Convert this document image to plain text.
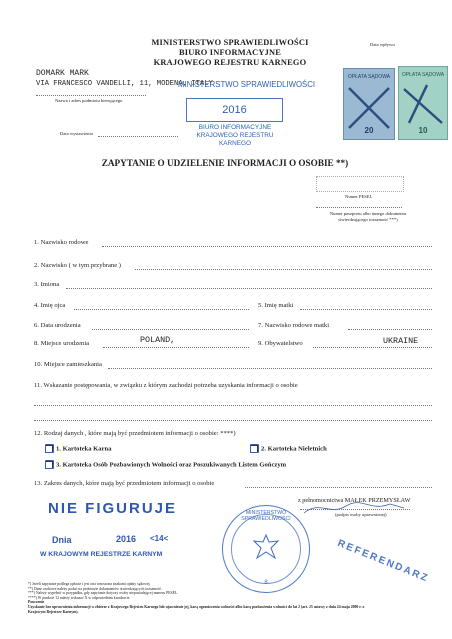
MINISTERSTWO SPRAWIEDLIWOŚCI
BIURO INFORMACYJNE
KRAJOWEGO REJESTRU KARNEGO
Data wpływu
DOMARK MARK
VIA FRANCESCO VANDELLI, 11, MODENA, ITALY
Nazwa i adres podmiotu kierującego
Data wystawienia
MINISTERSTWO SPRAWIEDLIWOŚCI
2016
BIURO INFORMACYJNE
KRAJOWEGO REJESTRU KARNEGO
OPŁATA SĄDOWA
20
OPŁATA SĄDOWA
10
ZAPYTANIE O UDZIELENIE INFORMACJI O OSOBIE **)
Numer PESEL
Numer paszportu albo innego dokumentu
stwierdzającego tożsamość ***)
1. Nazwisko rodowe
2. Nazwisko ( w tym przybrane )
3. Imiona
4. Imię ojca	5. Imię matki
6. Data urodzenia	7. Nazwisko rodowe matki
8. Miejsce urodzenia	POLAND,	9. Obywatelstwo	UKRAINE
10. Miejsce zamieszkania
11. Wskazanie postępowania, w związku z którym zachodzi potrzeba uzyskania informacji o osobie
12. Rodzaj danych , które mają być przedmiotem informacji o osobie: ****)
1. Kartoteka Karna	2. Kartoteka Nieletnich
3. Kartoteka Osób Pozbawionych Wolności oraz Poszukiwanych Listem Gończym
13. Zakres danych, które mają być przedmiotem informacji o osobie
NIE FIGURUJE
Dnia	2016 <14<
W KRAJOWYM REJESTRZE KARNYM
z pełnomocnictwa MAŁEK PRZEMYSŁAW
(podpis osoby uprawnionej)
MINISTERSTWO SPRAWIEDLIWOŚCI
8	REFERENDARZ
*) Jeżeli zapytanie podlega opłacie i jest ona wnoszona znakami opłaty sądowej.
**) Dane osobowe należy podać na podstawie dokumentów stwierdzających tożsamość.
***) Należy wypełnić w przypadku, gdy zapytanie dotyczy osoby nieposiadającej numeru PESEL.
****) W punkcie 12 należy wskazać X w odpowiednim kwadracie.
Pouczenie
Uzyskanie bez uprawnienia informacji w zbiorze z Krajowego Rejestru Karnego lub ujawnienie jej, karą ograniczenia wolności albo karą pozbawienia wolności do lat 2 (art. 25 ustawy z dnia 24 maja 2000 r. o
Krajowym Rejestrze Karnym).
